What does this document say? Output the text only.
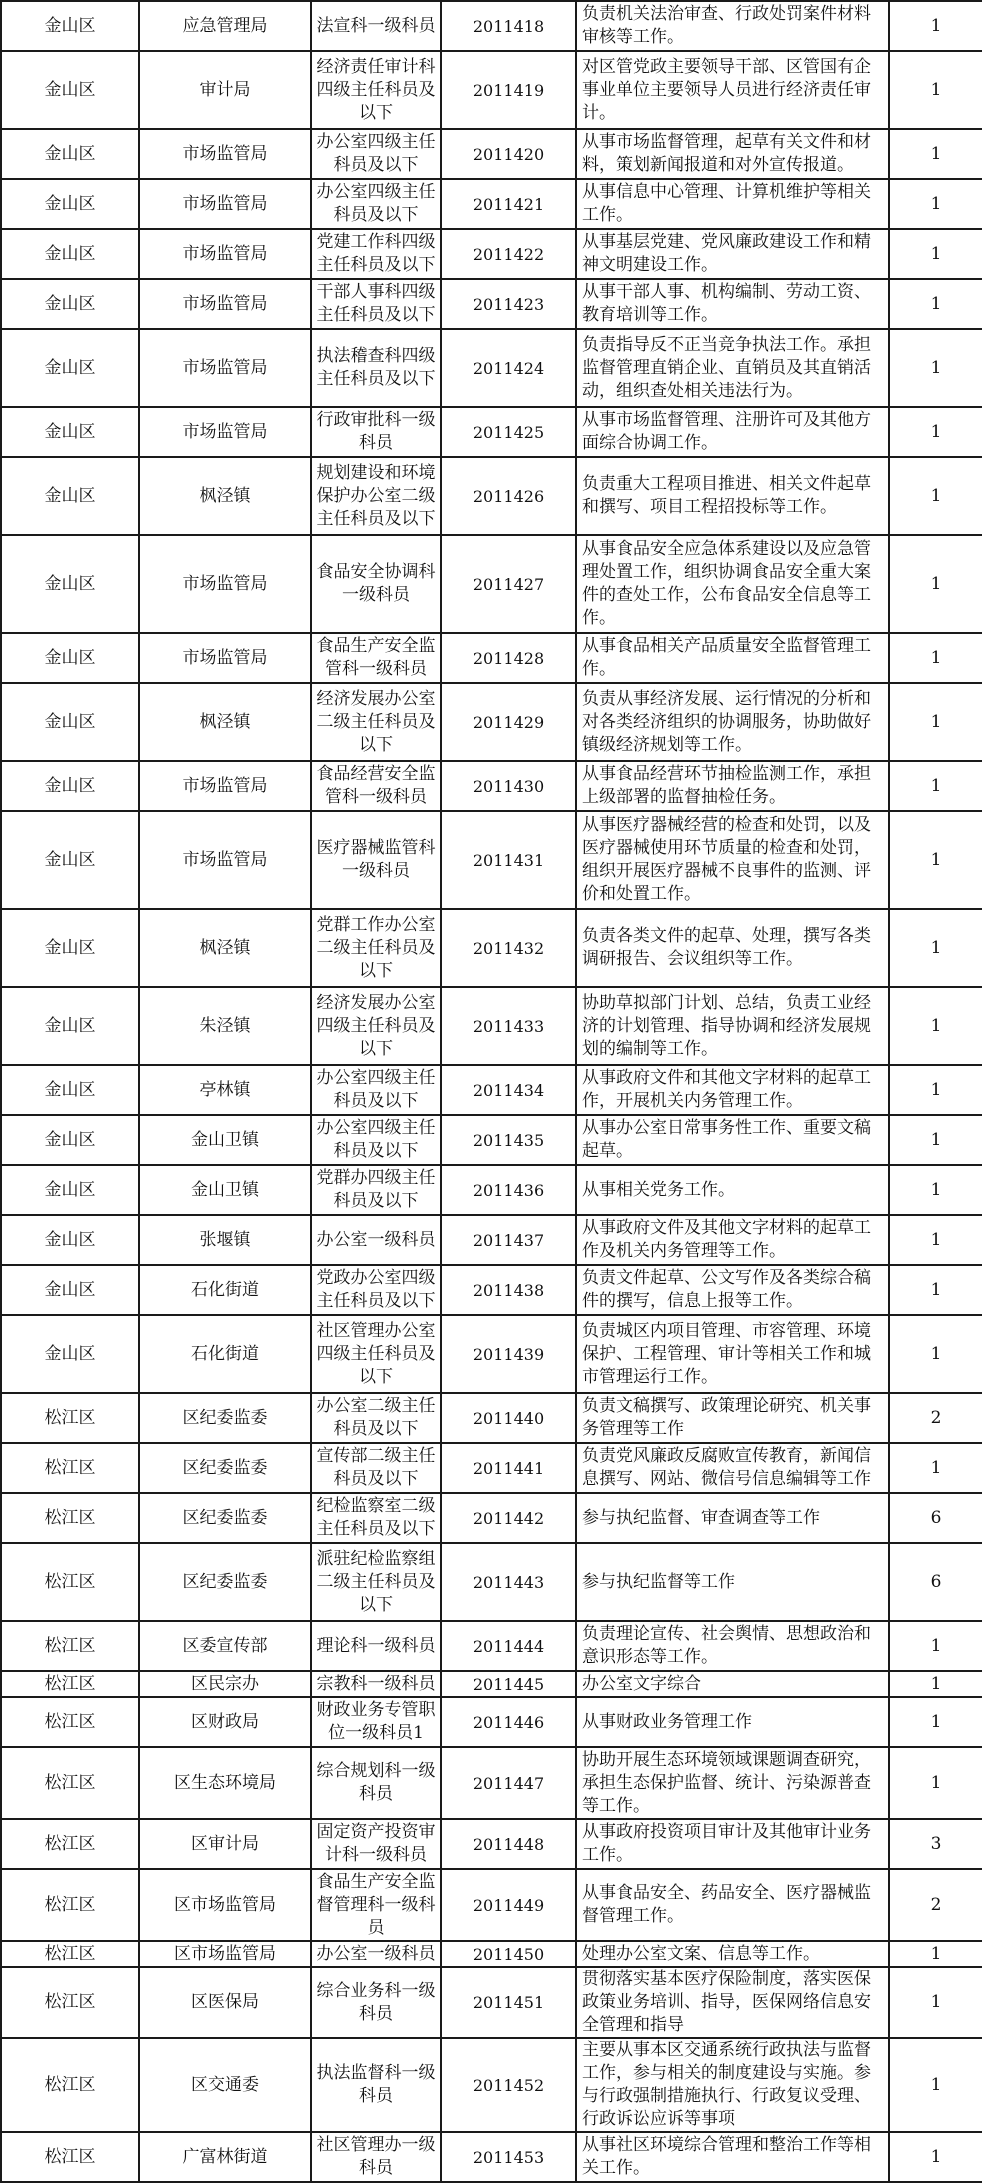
金山区	应急管理局	法宣科一级科员	2011418	负责机关法治审查、行政处罚案件材料审核等工作。	1
金山区	审计局	经济责任审计科四级主任科员及以下	2011419	对区管党政主要领导干部、区管国有企事业单位主要领导人员进行经济责任审计。	1
金山区	市场监管局	办公室四级主任科员及以下	2011420	从事市场监督管理，起草有关文件和材料，策划新闻报道和对外宣传报道。	1
金山区	市场监管局	办公室四级主任科员及以下	2011421	从事信息中心管理、计算机维护等相关工作。	1
金山区	市场监管局	党建工作科四级主任科员及以下	2011422	从事基层党建、党风廉政建设工作和精神文明建设工作。	1
金山区	市场监管局	干部人事科四级主任科员及以下	2011423	从事干部人事、机构编制、劳动工资、教育培训等工作。	1
金山区	市场监管局	执法稽查科四级主任科员及以下	2011424	负责指导反不正当竞争执法工作。承担监督管理直销企业、直销员及其直销活动，组织查处相关违法行为。	1
金山区	市场监管局	行政审批科一级科员	2011425	从事市场监督管理、注册许可及其他方面综合协调工作。	1
金山区	枫泾镇	规划建设和环境保护办公室二级主任科员及以下	2011426	负责重大工程项目推进、相关文件起草和撰写、项目工程招投标等工作。	1
金山区	市场监管局	食品安全协调科一级科员	2011427	从事食品安全应急体系建设以及应急管理处置工作，组织协调食品安全重大案件的查处工作，公布食品安全信息等工作。	1
金山区	市场监管局	食品生产安全监管科一级科员	2011428	从事食品相关产品质量安全监督管理工作。	1
金山区	枫泾镇	经济发展办公室二级主任科员及以下	2011429	负责从事经济发展、运行情况的分析和对各类经济组织的协调服务，协助做好镇级经济规划等工作。	1
金山区	市场监管局	食品经营安全监管科一级科员	2011430	从事食品经营环节抽检监测工作，承担上级部署的监督抽检任务。	1
金山区	市场监管局	医疗器械监管科一级科员	2011431	从事医疗器械经营的检查和处罚，以及医疗器械使用环节质量的检查和处罚，组织开展医疗器械不良事件的监测、评价和处置工作。	1
金山区	枫泾镇	党群工作办公室二级主任科员及以下	2011432	负责各类文件的起草、处理，撰写各类调研报告、会议组织等工作。	1
金山区	朱泾镇	经济发展办公室四级主任科员及以下	2011433	协助草拟部门计划、总结，负责工业经济的计划管理、指导协调和经济发展规划的编制等工作。	1
金山区	亭林镇	办公室四级主任科员及以下	2011434	从事政府文件和其他文字材料的起草工作，开展机关内务管理工作。	1
金山区	金山卫镇	办公室四级主任科员及以下	2011435	从事办公室日常事务性工作、重要文稿起草。	1
金山区	金山卫镇	党群办四级主任科员及以下	2011436	从事相关党务工作。	1
金山区	张堰镇	办公室一级科员	2011437	从事政府文件及其他文字材料的起草工作及机关内务管理等工作。	1
金山区	石化街道	党政办公室四级主任科员及以下	2011438	负责文件起草、公文写作及各类综合稿件的撰写，信息上报等工作。	1
金山区	石化街道	社区管理办公室四级主任科员及以下	2011439	负责城区内项目管理、市容管理、环境保护、工程管理、审计等相关工作和城市管理运行工作。	1
松江区	区纪委监委	办公室二级主任科员及以下	2011440	负责文稿撰写、政策理论研究、机关事务管理等工作	2
松江区	区纪委监委	宣传部二级主任科员及以下	2011441	负责党风廉政反腐败宣传教育，新闻信息撰写、网站、微信号信息编辑等工作	1
松江区	区纪委监委	纪检监察室二级主任科员及以下	2011442	参与执纪监督、审查调查等工作	6
松江区	区纪委监委	派驻纪检监察组二级主任科员及以下	2011443	参与执纪监督等工作	6
松江区	区委宣传部	理论科一级科员	2011444	负责理论宣传、社会舆情、思想政治和意识形态等工作。	1
松江区	区民宗办	宗教科一级科员	2011445	办公室文字综合	1
松江区	区财政局	财政业务专管职位一级科员1	2011446	从事财政业务管理工作	1
松江区	区生态环境局	综合规划科一级科员	2011447	协助开展生态环境领域课题调查研究，承担生态保护监督、统计、污染源普查等工作。	1
松江区	区审计局	固定资产投资审计科一级科员	2011448	从事政府投资项目审计及其他审计业务工作。	3
松江区	区市场监管局	食品生产安全监督管理科一级科员	2011449	从事食品安全、药品安全、医疗器械监督管理工作。	2
松江区	区市场监管局	办公室一级科员	2011450	处理办公室文案、信息等工作。	1
松江区	区医保局	综合业务科一级科员	2011451	贯彻落实基本医疗保险制度，落实医保政策业务培训、指导，医保网络信息安全管理和指导	1
松江区	区交通委	执法监督科一级科员	2011452	主要从事本区交通系统行政执法与监督工作，参与相关的制度建设与实施。参与行政强制措施执行、行政复议受理、行政诉讼应诉等事项	1
松江区	广富林街道	社区管理办一级科员	2011453	从事社区环境综合管理和整治工作等相关工作。	1
